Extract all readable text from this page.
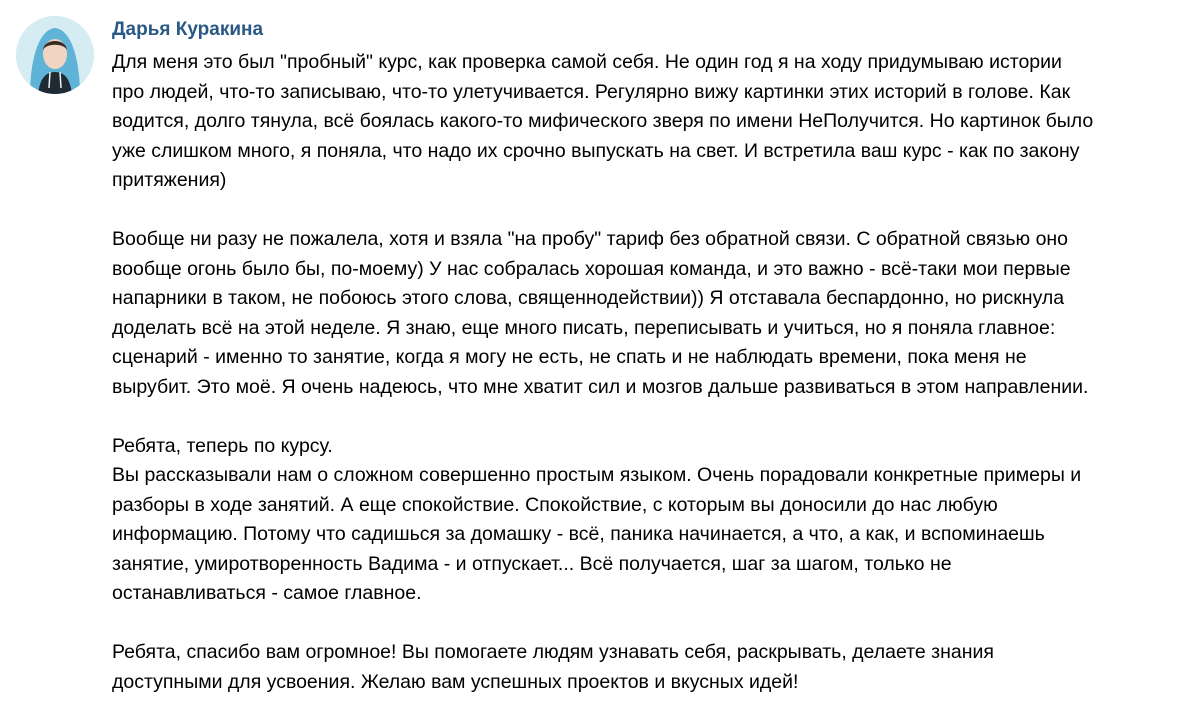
Дарья Куракина
Для меня это был "пробный" курс, как проверка самой себя. Не один год я на ходу придумываю истории
про людей, что-то записываю, что-то улетучивается. Регулярно вижу картинки этих историй в голове. Как
водится, долго тянула, всё боялась какого-то мифического зверя по имени НеПолучится. Но картинок было
уже слишком много, я поняла, что надо их срочно выпускать на свет. И встретила ваш курс - как по закону
притяжения)
Вообще ни разу не пожалела, хотя и взяла "на пробу" тариф без обратной связи. С обратной связью оно
вообще огонь было бы, по-моему) У нас собралась хорошая команда, и это важно - всё-таки мои первые
напарники в таком, не побоюсь этого слова, священнодействии)) Я отставала беспардонно, но рискнула
доделать всё на этой неделе. Я знаю, еще много писать, переписывать и учиться, но я поняла главное:
сценарий - именно то занятие, когда я могу не есть, не спать и не наблюдать времени, пока меня не
вырубит. Это моё. Я очень надеюсь, что мне хватит сил и мозгов дальше развиваться в этом направлении.
Ребята, теперь по курсу.
Вы рассказывали нам о сложном совершенно простым языком. Очень порадовали конкретные примеры и
разборы в ходе занятий. А еще спокойствие. Спокойствие, с которым вы доносили до нас любую
информацию. Потому что садишься за домашку - всё, паника начинается, а что, а как, и вспоминаешь
занятие, умиротворенность Вадима - и отпускает... Всё получается, шаг за шагом, только не
останавливаться - самое главное.
Ребята, спасибо вам огромное! Вы помогаете людям узнавать себя, раскрывать, делаете знания
доступными для усвоения. Желаю вам успешных проектов и вкусных идей!
